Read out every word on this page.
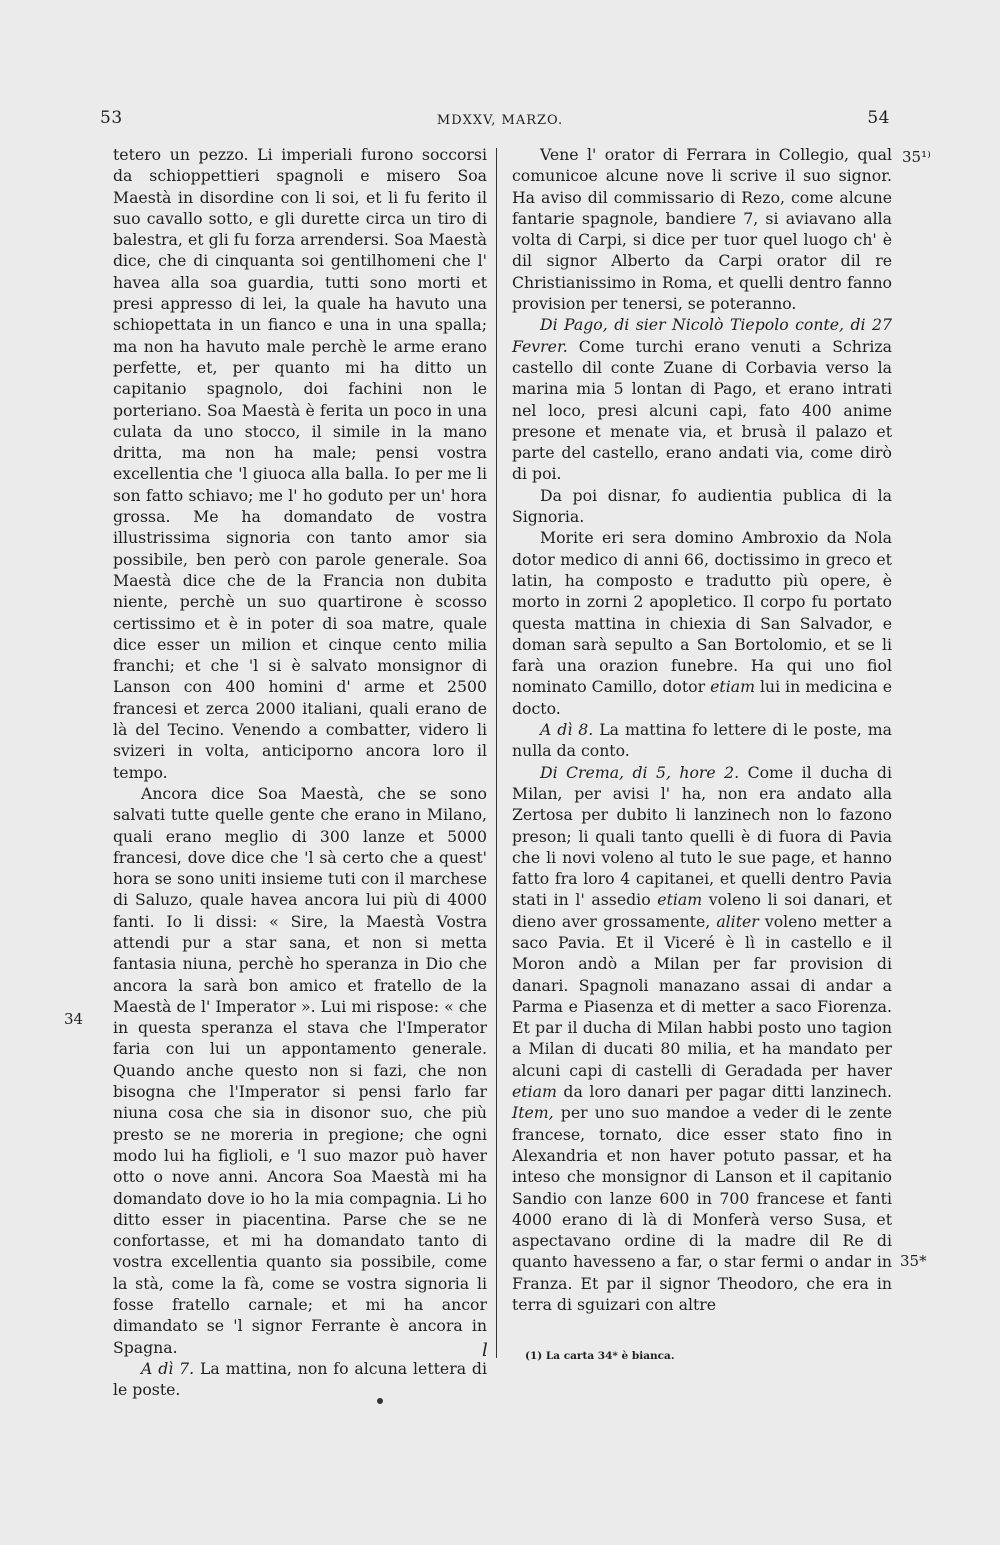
53	MDXXV, MARZO.	54
35¹⁾
34
35*

tetero un pezzo. Li imperiali furono soccorsi da schioppettieri spagnoli e misero Soa Maestà in disordine con li soi, et li fu ferito il suo cavallo sotto, e gli durette circa un tiro di balestra, et gli fu forza arrendersi. Soa Maestà dice, che di cinquanta soi gentilhomeni che l' havea alla soa guardia, tutti sono morti et presi appresso di lei, la quale ha havuto una schiopettata in un fianco e una in una spalla; ma non ha havuto male perchè le arme erano perfette, et, per quanto mi ha ditto un capitanio spagnolo, doi fachini non le porteriano. Soa Maestà è ferita un poco in una culata da uno stocco, il simile in la mano dritta, ma non ha male; pensi vostra excellentia che 'l giuoca alla balla. Io per me li son fatto schiavo; me l' ho goduto per un' hora grossa. Me ha domandato de vostra illustrissima signoria con tanto amor sia possibile, ben però con parole generale. Soa Maestà dice che de la Francia non dubita niente, perchè un suo quartirone è scosso certissimo et è in poter di soa matre, quale dice esser un milion et cinque cento milia franchi; et che 'l si è salvato monsignor di Lanson con 400 homini d' arme et 2500 francesi et zerca 2000 italiani, quali erano de là del Tecino. Venendo a combatter, videro li svizeri in volta, anticiporno ancora loro il tempo.

Ancora dice Soa Maestà, che se sono salvati tutte quelle gente che erano in Milano, quali erano meglio di 300 lanze et 5000 francesi, dove dice che 'l sà certo che a quest' hora se sono uniti insieme tuti con il marchese di Saluzo, quale havea ancora lui più di 4000 fanti. Io li dissi: « Sire, la Maestà Vostra attendi pur a star sana, et non si metta fantasia niuna, perchè ho speranza in Dio che ancora la sarà bon amico et fratello de la Maestà de l' Imperator ». Lui mi rispose: « che in questa speranza el stava che l'Imperator faria con lui un appontamento generale. Quando anche questo non si fazi, che non bisogna che l'Imperator si pensi farlo far niuna cosa che sia in disonor suo, che più presto se ne moreria in pregione; che ogni modo lui ha figlioli, e 'l suo mazor può haver otto o nove anni. Ancora Soa Maestà mi ha domandato dove io ho la mia compagnia. Li ho ditto esser in piacentina. Parse che se ne confortasse, et mi ha domandato tanto di vostra excellentia quanto sia possibile, come la stà, come la fà, come se vostra signoria li fosse fratello carnale; et mi ha ancor dimandato se 'l signor Ferrante è ancora in Spagna.

A dì 7. La mattina, non fo alcuna lettera di le poste.

Vene l' orator di Ferrara in Collegio, qual comunicoe alcune nove li scrive il suo signor. Ha aviso dil commissario di Rezo, come alcune fantarie spagnole, bandiere 7, si aviavano alla volta di Carpi, si dice per tuor quel luogo ch' è dil signor Alberto da Carpi orator dil re Christianissimo in Roma, et quelli dentro fanno provision per tenersi, se poteranno.

Di Pago, di sier Nicolò Tiepolo conte, di 27 Fevrer. Come turchi erano venuti a Schriza castello dil conte Zuane di Corbavia verso la marina mia 5 lontan di Pago, et erano intrati nel loco, presi alcuni capi, fato 400 anime presone et menate via, et brusà il palazo et parte del castello, erano andati via, come dirò di poi.

Da poi disnar, fo audientia publica di la Signoria.

Morite eri sera domino Ambroxio da Nola dotor medico di anni 66, doctissimo in greco et latin, ha composto e tradutto più opere, è morto in zorni 2 apopletico. Il corpo fu portato questa mattina in chiexia di San Salvador, e doman sarà sepulto a San Bortolomio, et se li farà una orazion funebre. Ha qui uno fiol nominato Camillo, dotor etiam lui in medicina e docto.

A dì 8. La mattina fo lettere di le poste, ma nulla da conto.

Di Crema, di 5, hore 2. Come il ducha di Milan, per avisi l' ha, non era andato alla Zertosa per dubito li lanzinech non lo fazono preson; li quali tanto quelli è di fuora di Pavia che li novi voleno al tuto le sue page, et hanno fatto fra loro 4 capitanei, et quelli dentro Pavia stati in l' assedio etiam voleno li soi danari, et dieno aver grossamente, aliter voleno metter a saco Pavia. Et il Viceré è lì in castello e il Moron andò a Milan per far provision di danari. Spagnoli manazano assai di andar a Parma e Piasenza et di metter a saco Fiorenza. Et par il ducha di Milan habbi posto uno tagion a Milan di ducati 80 milia, et ha mandato per alcuni capi di castelli di Geradada per haver etiam da loro danari per pagar ditti lanzinech. Item, per uno suo mandoe a veder di le zente francese, tornato, dice esser stato fino in Alexandria et non haver potuto passar, et ha inteso che monsignor di Lanson et il capitanio Sandio con lanze 600 in 700 francese et fanti 4000 erano di là di Monferà verso Susa, et aspectavano ordine di la madre dil Re di quanto havesseno a far, o star fermi o andar in Franza. Et par il signor Theodoro, che era in terra di sguizari con altre

l	(1) La carta 34* è bianca.
